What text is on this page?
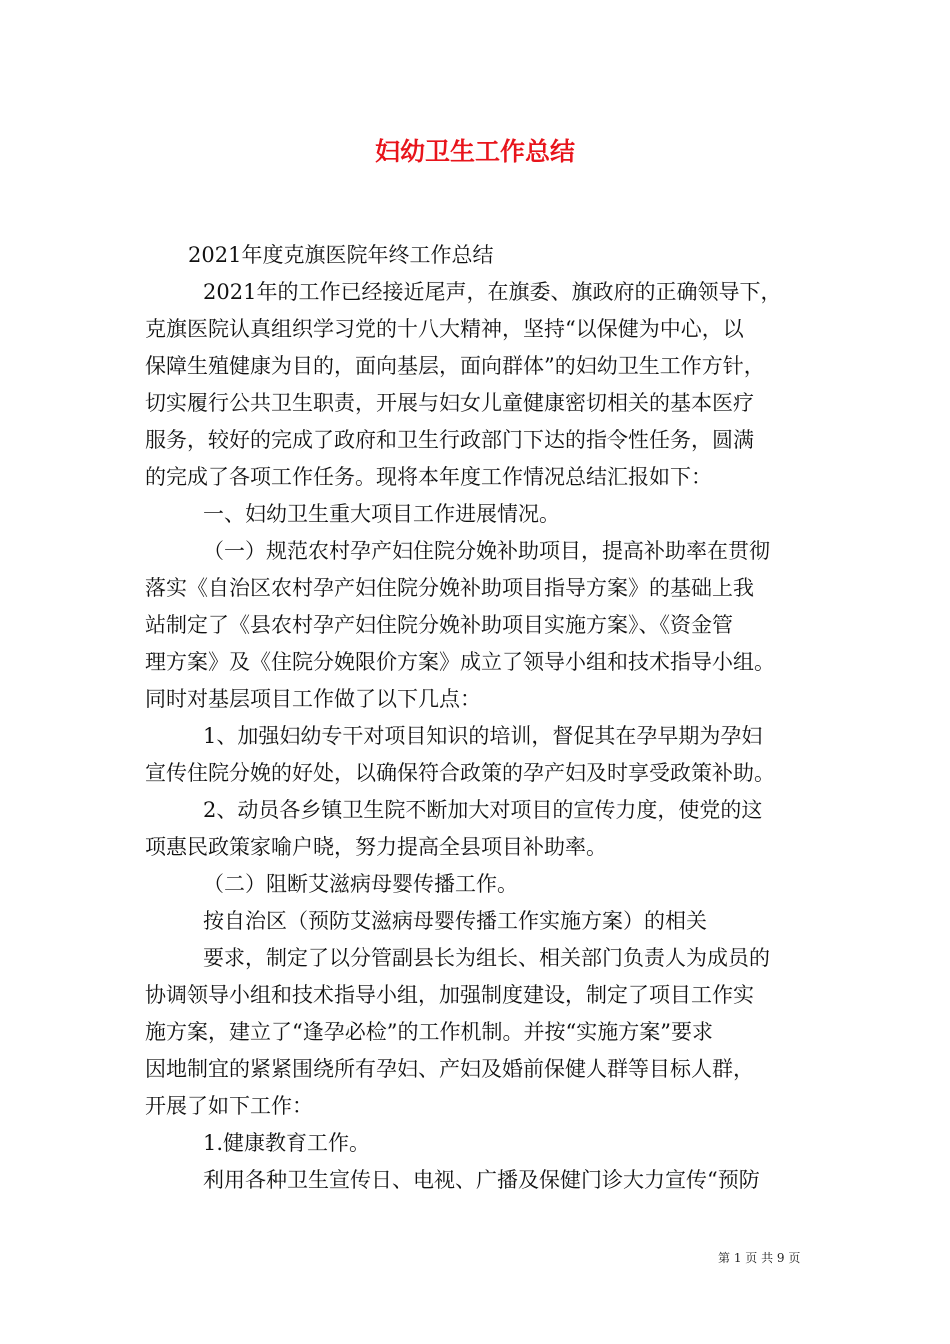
妇幼卫生工作总结
2021年度克旗医院年终工作总结
2021年的工作已经接近尾声，在旗委、旗政府的正确领导下，
克旗医院认真组织学习党的十八大精神，坚持“以保健为中心，以
保障生殖健康为目的，面向基层，面向群体”的妇幼卫生工作方针，
切实履行公共卫生职责，开展与妇女儿童健康密切相关的基本医疗
服务，较好的完成了政府和卫生行政部门下达的指令性任务，圆满
的完成了各项工作任务。现将本年度工作情况总结汇报如下：
一、妇幼卫生重大项目工作进展情况。
（一）规范农村孕产妇住院分娩补助项目，提高补助率在贯彻
落实《自治区农村孕产妇住院分娩补助项目指导方案》的基础上我
站制定了《县农村孕产妇住院分娩补助项目实施方案》、《资金管
理方案》及《住院分娩限价方案》成立了领导小组和技术指导小组。
同时对基层项目工作做了以下几点：
1、加强妇幼专干对项目知识的培训，督促其在孕早期为孕妇
宣传住院分娩的好处，以确保符合政策的孕产妇及时享受政策补助。
2、动员各乡镇卫生院不断加大对项目的宣传力度，使党的这
项惠民政策家喻户晓，努力提高全县项目补助率。
（二）阻断艾滋病母婴传播工作。
按自治区（预防艾滋病母婴传播工作实施方案）的相关
要求，制定了以分管副县长为组长、相关部门负责人为成员的
协调领导小组和技术指导小组，加强制度建设，制定了项目工作实
施方案，建立了“逢孕必检”的工作机制。并按“实施方案”要求
因地制宜的紧紧围绕所有孕妇、产妇及婚前保健人群等目标人群，
开展了如下工作：
1.健康教育工作。
利用各种卫生宣传日、电视、广播及保健门诊大力宣传“预防
第 1 页 共 9 页
